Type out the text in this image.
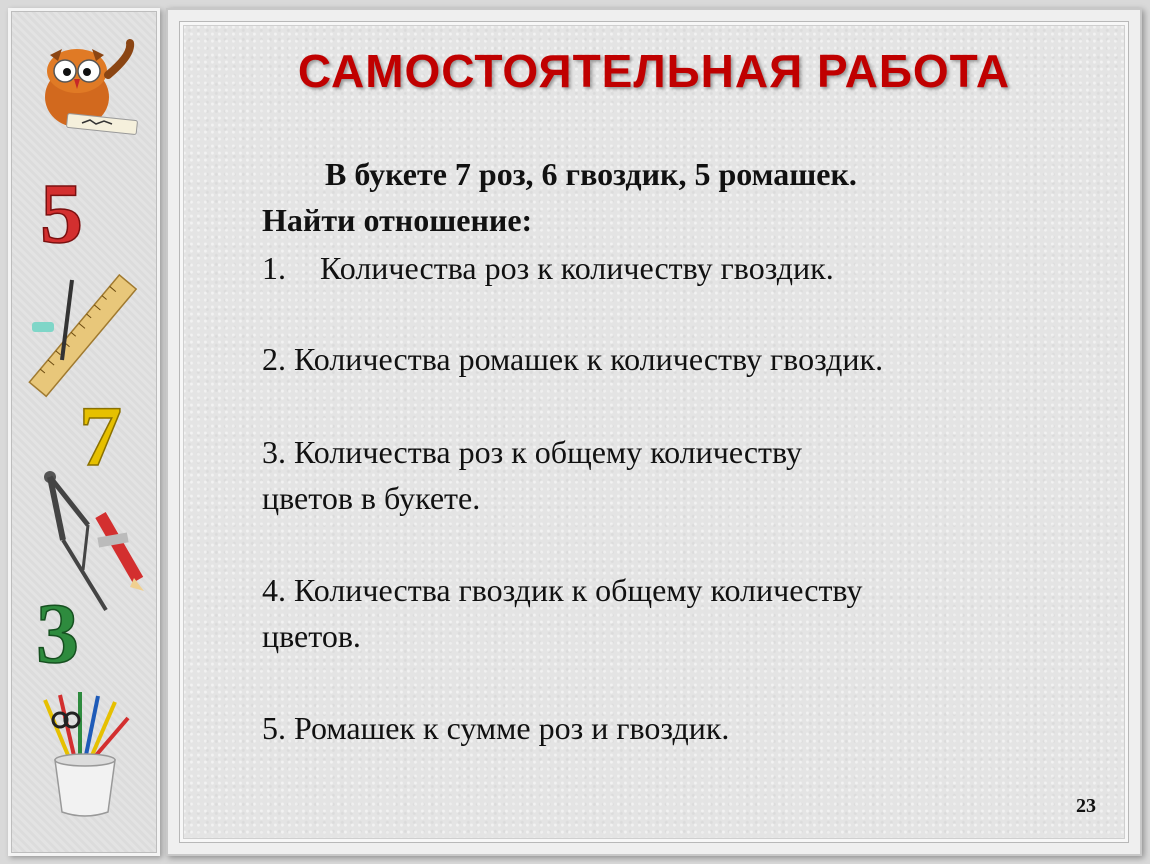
5
7
3
САМОСТОЯТЕЛЬНАЯ РАБОТА
В букете 7 роз, 6 гвоздик, 5 ромашек.
Найти отношение:
1. Количества роз к количеству гвоздик.
2. Количества ромашек к количеству гвоздик.
3. Количества роз к общему количеству
цветов в букете.
4. Количества гвоздик к общему количеству
цветов.
5. Ромашек к сумме роз и гвоздик.
23
